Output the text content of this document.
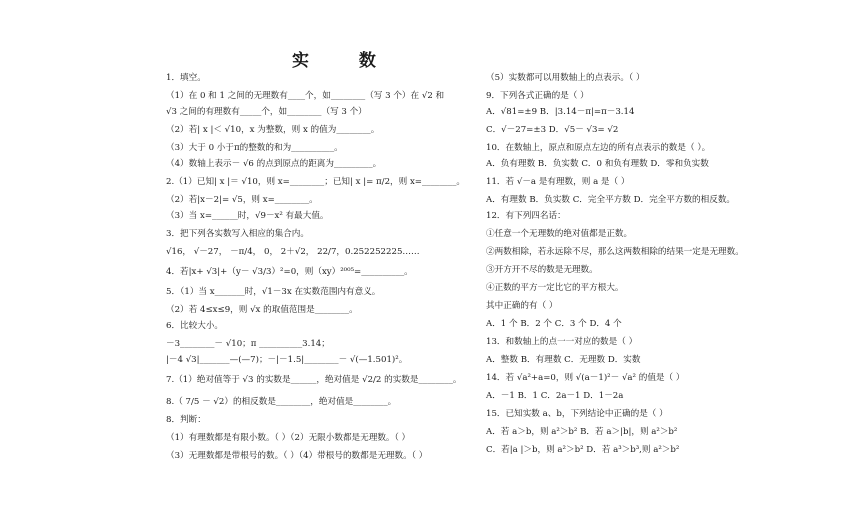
实 数
1．填空。
（1）在 0 和 1 之间的无理数有____个，如________（写 3 个）在 √2 和
√3 之间的有理数有_____个，如________（写 3 个）
（2）若| x |＜ √10，x 为整数，则 x 的值为________。
（3）大于 0 小于π的整数的和为__________。
（4）数轴上表示－ √6 的点到原点的距离为_________。
2.（1）已知| x |＝ √10，则 x=________；已知| x |= π/2，则 x=________。
（2）若|x－2|= √5，则 x=________。
（3）当 x=______时，√9－x² 有最大值。
3．把下列各实数写入相应的集合内。
√16， √－27， －π/4， 0， 2＋√2， 22/7，0.252252225……
4．若|x+ √3|+（y－ √3/3）²=0，则（xy）²⁰⁰⁵=__________。
5．（1）当 x_______时，√1－3x 在实数范围内有意义。
（2）若 4≤x≤9，则 √x 的取值范围是________。
6．比较大小。
－3________－ √10；π __________3.14；
|－4 √3|_______—(—7)；－|－1.5|________－ √(—1.501)²。
7.（1）绝对值等于 √3 的实数是______，绝对值是 √2/2 的实数是________。
8.（ 7/5 － √2）的相反数是________，绝对值是________。
8．判断：
（1）有理数都是有限小数。（ ）（2）无限小数都是无理数。（ ）
（3）无理数都是带根号的数。（ ）（4）带根号的数都是无理数。（ ）
（5）实数都可以用数轴上的点表示。（ ）
9．下列各式正确的是（ ）
A．√81=±9 B．|3.14－π|=π－3.14
C．√－27=±3 D．√5－ √3= √2
10．在数轴上，原点和原点左边的所有点表示的数是（ ）。
A．负有理数 B．负实数 C．0 和负有理数 D．零和负实数
11．若 √－a 是有理数，则 a 是（ ）
A．有理数 B．负实数 C．完全平方数 D．完全平方数的相反数。
12．有下列四名话：
①任意一个无理数的绝对值都是正数。
②两数相除，若永远除不尽，那么这两数相除的结果一定是无理数。
③开方开不尽的数是无理数。
④正数的平方一定比它的平方根大。
其中正确的有（ ）
A．1 个 B．2 个 C．3 个 D．4 个
13．和数轴上的点一一对应的数是（ ）
A．整数 B．有理数 C．无理数 D．实数
14．若 √a²+a=0，则 √(a－1)²－ √a² 的值是（ ）
A．－1 B．1 C．2a－1 D．1－2a
15．已知实数 a、b，下列结论中正确的是（ ）
A．若 a＞b，则 a²＞b² B．若 a＞|b|，则 a²＞b²
C．若|a |＞b，则 a²＞b² D．若 a³＞b³,则 a²＞b²
